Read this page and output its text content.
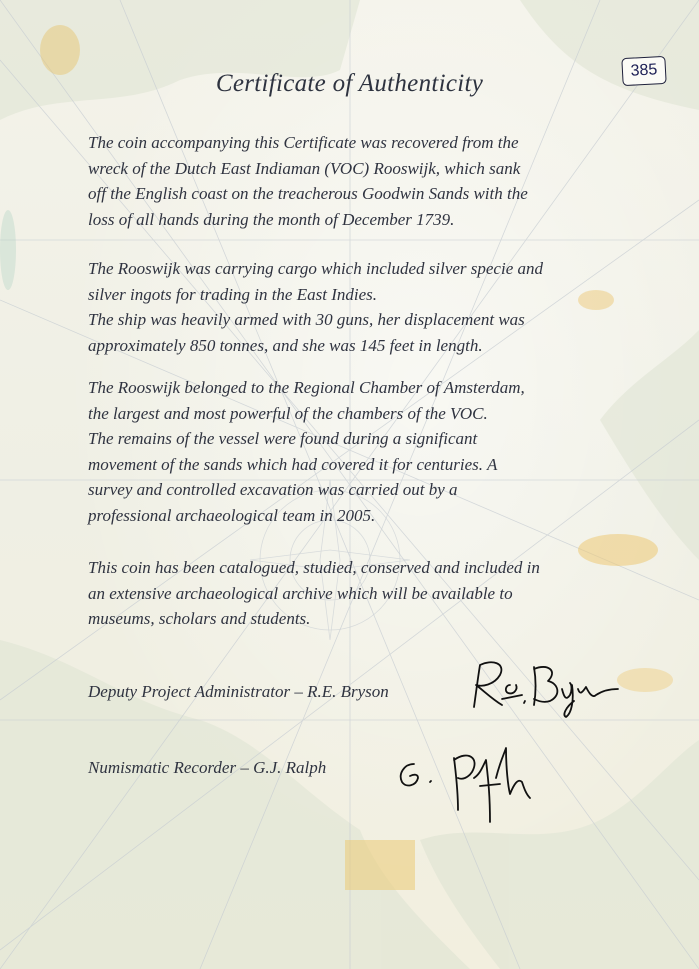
385
Certificate of Authenticity
The coin accompanying this Certificate was recovered from the
wreck of the Dutch East Indiaman (VOC) Rooswijk, which sank
off the English coast on the treacherous Goodwin Sands with the
loss of all hands during the month of December 1739.
The Rooswijk was carrying cargo which included silver specie and
silver ingots for trading in the East Indies.
The ship was heavily armed with 30 guns, her displacement was
approximately 850 tonnes, and she was 145 feet in length.
The Rooswijk belonged to the Regional Chamber of Amsterdam,
the largest and most powerful of the chambers of the VOC.
The remains of the vessel were found during a significant
movement of the sands which had covered it for centuries. A
survey and controlled excavation was carried out by a
professional archaeological team in 2005.
This coin has been catalogued, studied, conserved and included in
an extensive archaeological archive which will be available to
museums, scholars and students.
Deputy Project Administrator – R.E. Bryson
Numismatic Recorder – G.J. Ralph
